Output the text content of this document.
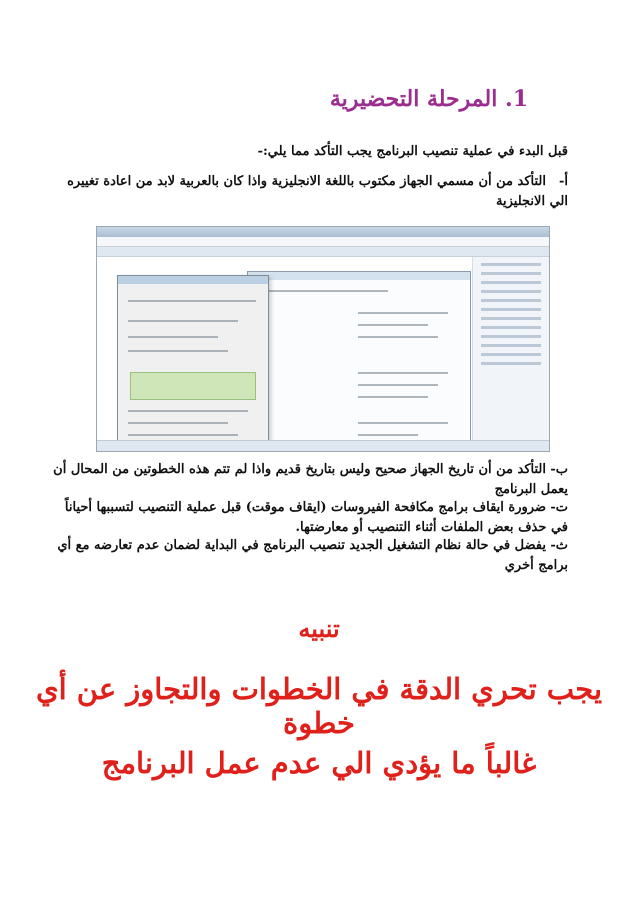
1. المرحلة التحضيرية
قبل البدء في عملية تنصيب البرنامج يجب التأكد مما يلي:-
أ-التأكد من أن مسمي الجهاز مكتوب باللغة الانجليزية واذا كان بالعربية لابد من اعادة تغييره الي الانجليزية
ب-التأكد من أن تاريخ الجهاز صحيح وليس بتاريخ قديم واذا لم تتم هذه الخطوتين من المحال أن يعمل البرنامج
ت-ضرورة ايقاف برامج مكافحة الفيروسات (ايقاف موقت) قبل عملية التنصيب لتسببها أحياناً في حذف بعض الملفات أثناء التنصيب أو معارضتها.
ث-يفضل في حالة نظام التشغيل الجديد تنصيب البرنامج في البداية لضمان عدم تعارضه مع أي برامج أخري
تنبيه
يجب تحري الدقة في الخطوات والتجاوز عن أي خطوة
غالباً ما يؤدي الي عدم عمل البرنامج
